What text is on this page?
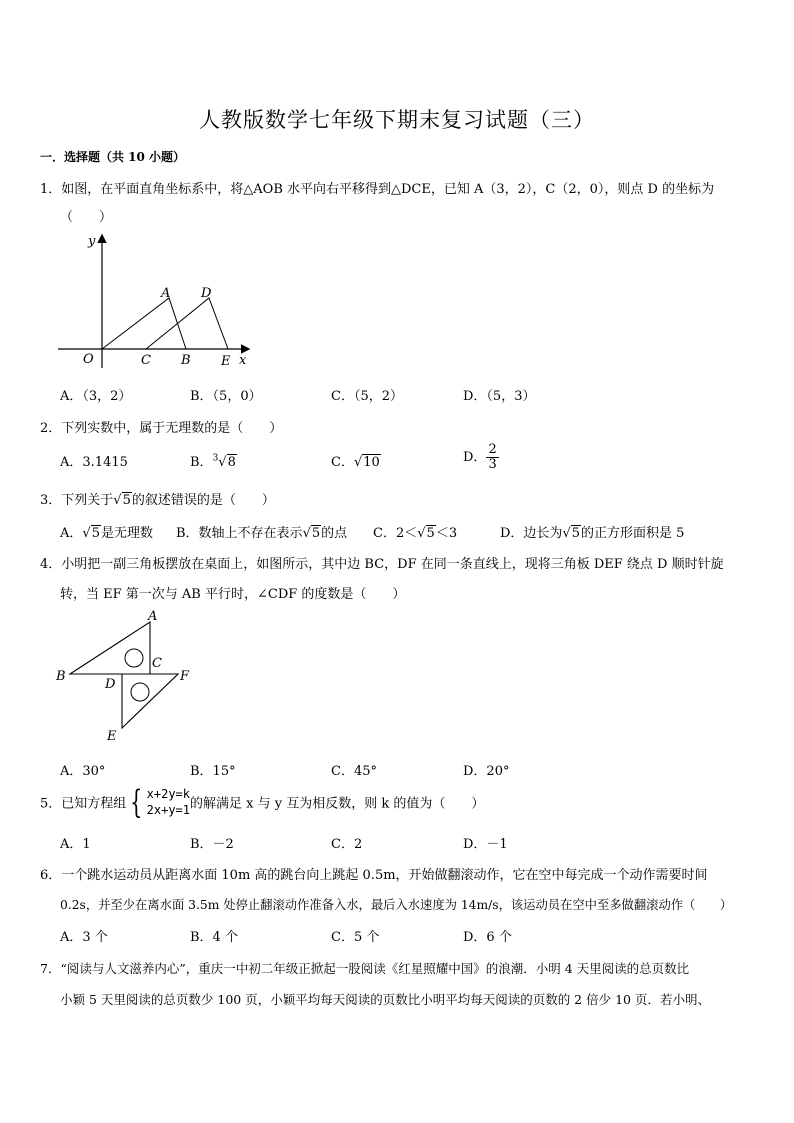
人教版数学七年级下期末复习试题（三）
一．选择题（共 10 小题）
1．如图，在平面直角坐标系中，将△AOB 水平向右平移得到△DCE，已知 A（3，2），C（2，0），则点 D 的坐标为
（　　）
y
A D
O	C B E x
A．（3，2）	B．（5，0）	C．（5，2）	D．（5，3）
2．下列实数中，属于无理数的是（　　）
A．3.1415	B．$^3$√8	C．√10	D． $\frac{2}{3}$
3．下列关于√5的叙述错误的是（　　）
A．√5是无理数 B．数轴上不存在表示√5的点 C．2＜√5＜3	D．边长为√5的正方形面积是 5
4．小明把一副三角板摆放在桌面上，如图所示，其中边 BC，DF 在同一条直线上，现将三角板 DEF 绕点 D 顺时针旋
转，当 EF 第一次与 AB 平行时，∠CDF 的度数是（　　）
A
B
C
D
F
E
A．30°	B．15°	C．45°	D．20°
5．已知方程组 { x+2y=k
2x+y=1 的解满足 x 与 y 互为相反数，则 k 的值为（　　）
A．1	B．－2	C．2	D．－1
6．一个跳水运动员从距离水面 10m 高的跳台向上跳起 0.5m，开始做翻滚动作，它在空中每完成一个动作需要时间
0.2s，并至少在离水面 3.5m 处停止翻滚动作准备入水，最后入水速度为 14m/s，该运动员在空中至多做翻滚动作（　　）
A．3 个	B．4 个	C．5 个	D．6 个
7．“阅读与人文滋养内心”，重庆一中初二年级正掀起一股阅读《红星照耀中国》的浪潮．小明 4 天里阅读的总页数比
小颖 5 天里阅读的总页数少 100 页，小颖平均每天阅读的页数比小明平均每天阅读的页数的 2 倍少 10 页．若小明、
